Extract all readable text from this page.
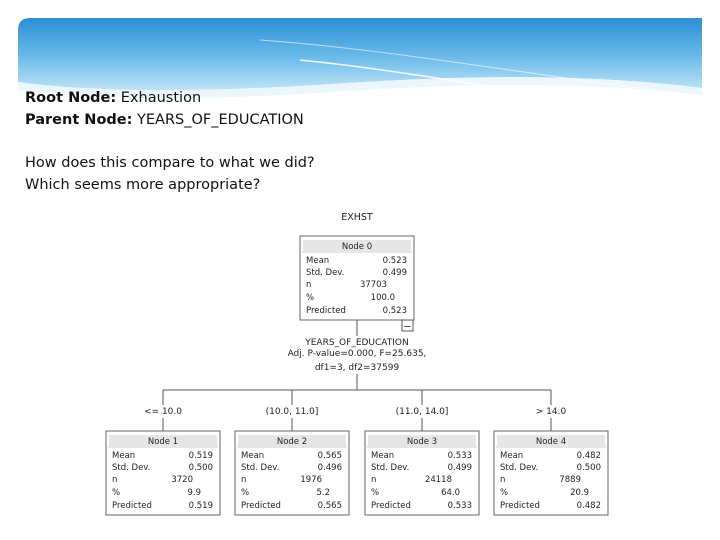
Root Node: Exhaustion
Parent Node: YEARS_OF_EDUCATION
How does this compare to what we did?
Which seems more appropriate?
EXHST
Node 0
Mean	0.523
Std. Dev.	0.499
n	37703
%	100.0
Predicted	0.523
−
YEARS_OF_EDUCATION
Adj. P-value=0.000, F=25.635,
df1=3, df2=37599
<= 10.0	(10.0, 11.0]	(11.0, 14.0]	> 14.0
Node 1
Mean	0.519
Std. Dev.	0.500
n	3720
%	9.9
Predicted	0.519
Node 2
Mean	0.565
Std. Dev.	0.496
n	1976
%	5.2
Predicted	0.565
Node 3
Mean	0.533
Std. Dev.	0.499
n	24118
%	64.0
Predicted	0.533
Node 4
Mean	0.482
Std. Dev.	0.500
n	7889
%	20.9
Predicted	0.482
